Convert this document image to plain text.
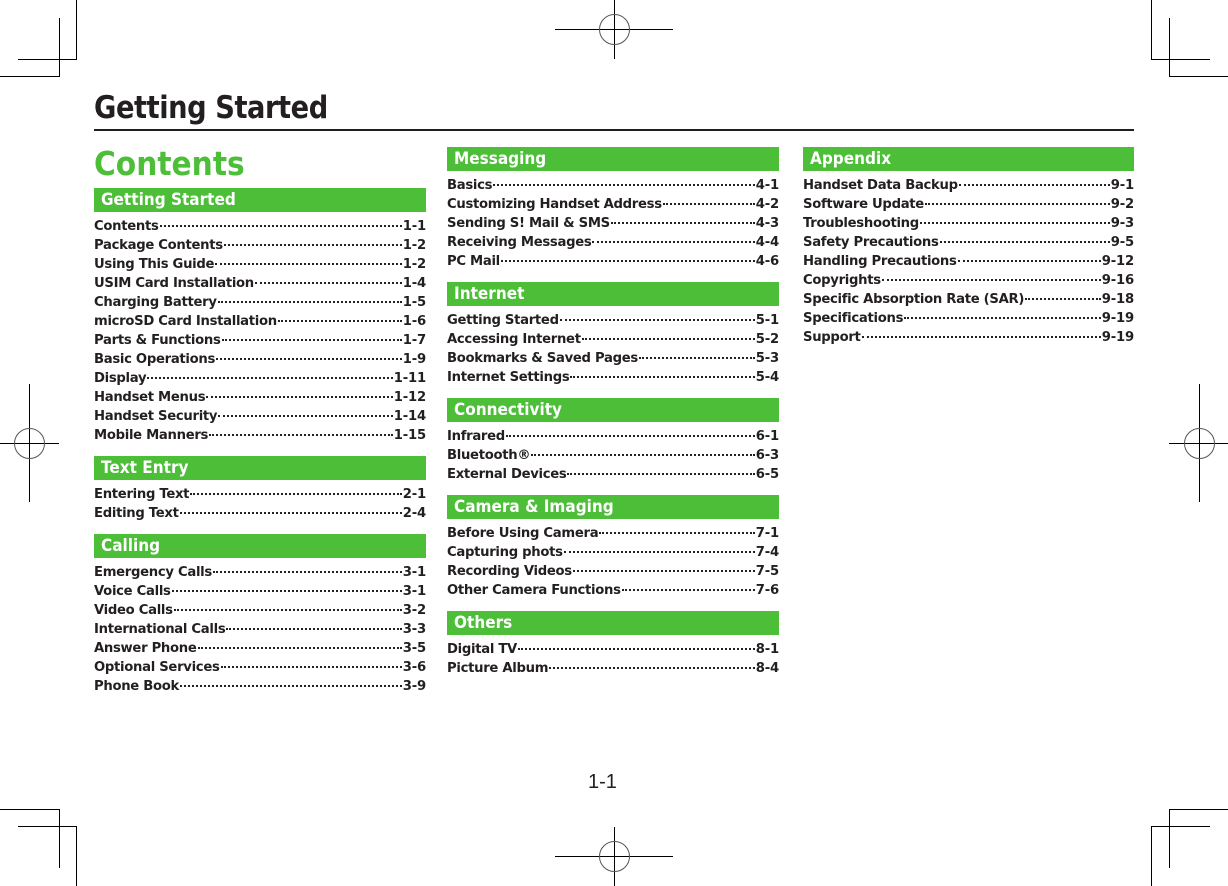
Getting Started
Contents
Getting Started
Contents	1-1
Package Contents	1-2
Using This Guide	1-2
USIM Card Installation	1-4
Charging Battery	1-5
microSD Card Installation	1-6
Parts & Functions	1-7
Basic Operations	1-9
Display	1-11
Handset Menus	1-12
Handset Security	1-14
Mobile Manners	1-15
Text Entry
Entering Text	2-1
Editing Text	2-4
Calling
Emergency Calls	3-1
Voice Calls	3-1
Video Calls	3-2
International Calls	3-3
Answer Phone	3-5
Optional Services	3-6
Phone Book	3-9
Messaging
Basics	4-1
Customizing Handset Address	4-2
Sending S! Mail & SMS	4-3
Receiving Messages	4-4
PC Mail	4-6
Internet
Getting Started	5-1
Accessing Internet	5-2
Bookmarks & Saved Pages	5-3
Internet Settings	5-4
Connectivity
Infrared	6-1
Bluetooth®	6-3
External Devices	6-5
Camera & Imaging
Before Using Camera	7-1
Capturing phots	7-4
Recording Videos	7-5
Other Camera Functions	7-6
Others
Digital TV	8-1
Picture Album	8-4
Appendix
Handset Data Backup	9-1
Software Update	9-2
Troubleshooting	9-3
Safety Precautions	9-5
Handling Precautions	9-12
Copyrights	9-16
Specific Absorption Rate (SAR)	9-18
Specifications	9-19
Support	9-19
1-1
